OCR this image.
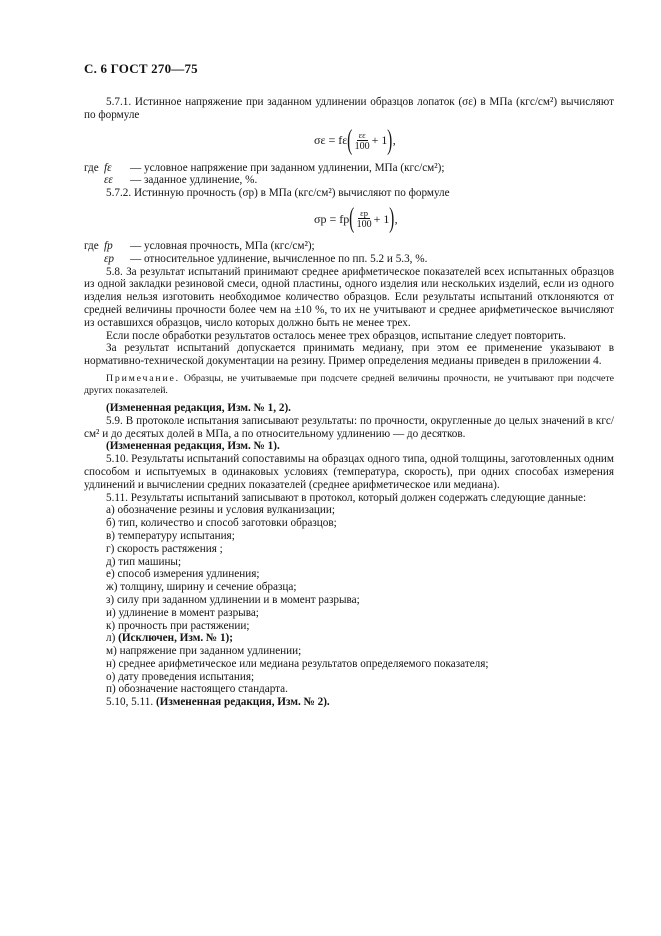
С. 6 ГОСТ 270—75

5.7.1. Истинное напряжение при заданном удлинении образцов лопаток (σε) в МПа (кгс/см²) вычисляют по формуле

σε = fε ( $\frac{\varepsilon\varepsilon}{100} + 1$ ) ,
где fε	— условное напряжение при заданном удлинении, МПа (кгс/см²);
εε	— заданное удлинение, %.

5.7.2. Истинную прочность (σр) в МПа (кгс/см²) вычисляют по формуле

σр = fр ( $\frac{\varepsilon р}{100} + 1$ ) ,
где fр	— условная прочность, МПа (кгс/см²);
εр	— относительное удлинение, вычисленное по пп. 5.2 и 5.3, %.

5.8. За результат испытаний принимают среднее арифметическое показателей всех испытанных образцов из одной закладки резиновой смеси, одной пластины, одного изделия или нескольких изделий, если из одного изделия нельзя изготовить необходимое количество образцов. Если результаты испытаний отклоняются от средней величины прочности более чем на ±10 %, то их не учитывают и среднее арифметическое вычисляют из оставшихся образцов, число которых должно быть не менее трех.

Если после обработки результатов осталось менее трех образцов, испытание следует повторить.

За результат испытаний допускается принимать медиану, при этом ее применение указывают в нормативно-технической документации на резину. Пример определения медианы приведен в приложении 4.

Примечание. Образцы, не учитываемые при подсчете средней величины прочности, не учитывают при подсчете других показателей.

(Измененная редакция, Изм. № 1, 2).

5.9. В протоколе испытания записывают результаты: по прочности, округленные до целых значений в кгс/см² и до десятых долей в МПа, а по относительному удлинению — до десятков.

(Измененная редакция, Изм. № 1).

5.10. Результаты испытаний сопоставимы на образцах одного типа, одной толщины, заготовленных одним способом и испытуемых в одинаковых условиях (температура, скорость), при одних способах измерения удлинений и вычислении средних показателей (среднее арифметическое или медиана).

5.11. Результаты испытаний записывают в протокол, который должен содержать следующие данные:

а) обозначение резины и условия вулканизации;
б) тип, количество и способ заготовки образцов;
в) температуру испытания;
г) скорость растяжения ;
д) тип машины;
е) способ измерения удлинения;
ж) толщину, ширину и сечение образца;
з) силу при заданном удлинении и в момент разрыва;
и) удлинение в момент разрыва;
к) прочность при растяжении;
л) (Исключен, Изм. № 1);
м) напряжение при заданном удлинении;
н) среднее арифметическое или медиана результатов определяемого показателя;
о) дату проведения испытания;
п) обозначение настоящего стандарта.

5.10, 5.11. (Измененная редакция, Изм. № 2).
